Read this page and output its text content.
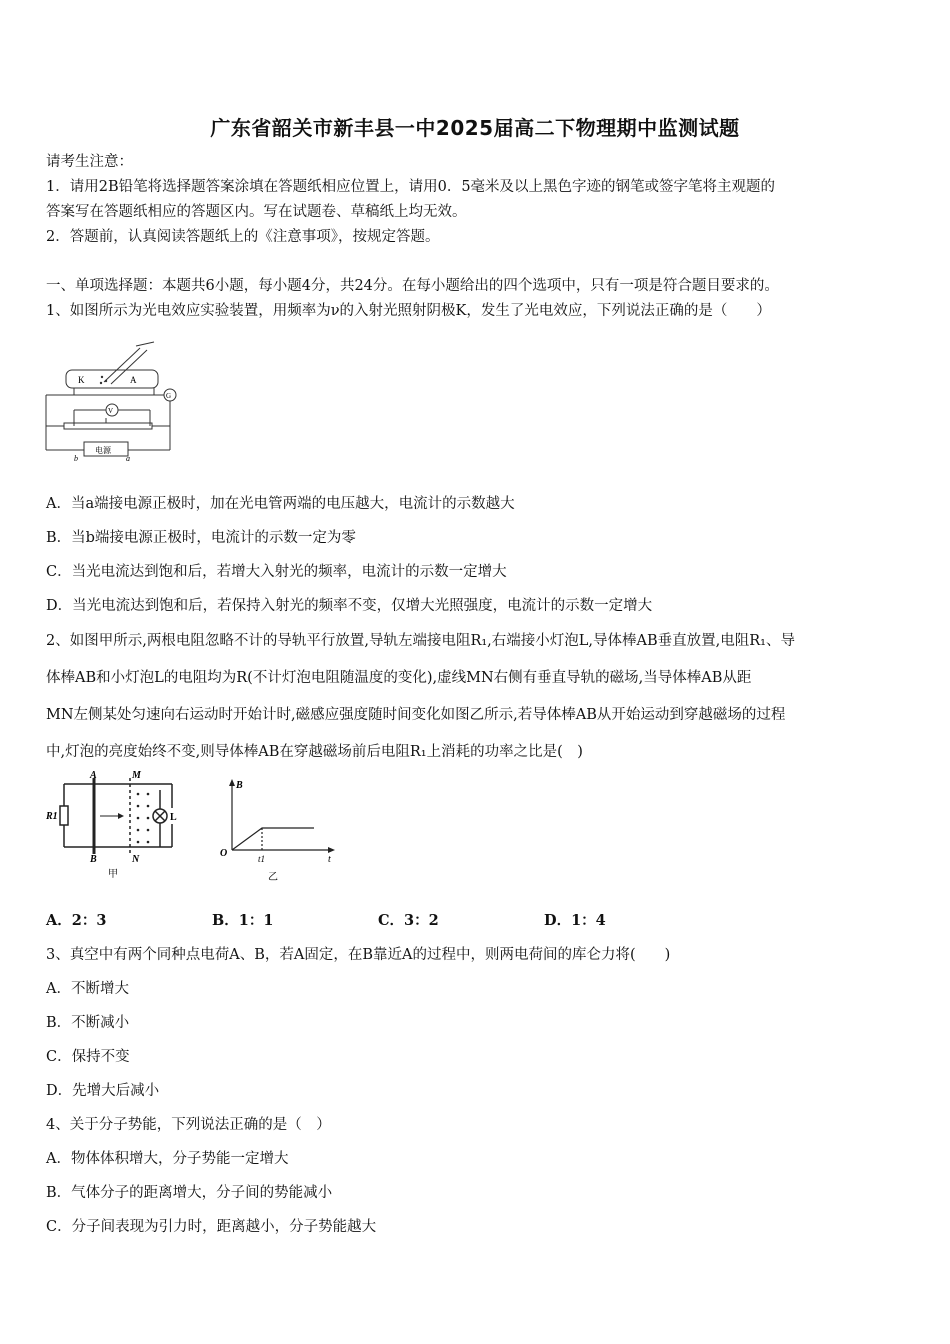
广东省韶关市新丰县一中2025届高二下物理期中监测试题
请考生注意：
1．请用2B铅笔将选择题答案涂填在答题纸相应位置上，请用0．5毫米及以上黑色字迹的钢笔或签字笔将主观题的
答案写在答题纸相应的答题区内。写在试题卷、草稿纸上均无效。
2．答题前，认真阅读答题纸上的《注意事项》，按规定答题。
一、单项选择题：本题共6小题，每小题4分，共24分。在每小题给出的四个选项中，只有一项是符合题目要求的。
1、如图所示为光电效应实验装置，用频率为ν的入射光照射阴极K，发生了光电效应，下列说法正确的是（　　）
K	A
G
V
电源
b	a
A．当a端接电源正极时，加在光电管两端的电压越大，电流计的示数越大
B．当b端接电源正极时，电流计的示数一定为零
C．当光电流达到饱和后，若增大入射光的频率，电流计的示数一定增大
D．当光电流达到饱和后，若保持入射光的频率不变，仅增大光照强度，电流计的示数一定增大
2、如图甲所示,两根电阻忽略不计的导轨平行放置,导轨左端接电阻R₁,右端接小灯泡L,导体棒AB垂直放置,电阻R₁、导
体棒AB和小灯泡L的电阻均为R(不计灯泡电阻随温度的变化),虚线MN右侧有垂直导轨的磁场,当导体棒AB从距
MN左侧某处匀速向右运动时开始计时,磁感应强度随时间变化如图乙所示,若导体棒AB从开始运动到穿越磁场的过程
中,灯泡的亮度始终不变,则导体棒AB在穿越磁场前后电阻R₁上消耗的功率之比是(　)
A	M
R1	L
B	N
甲
B
O	t1	t
乙
A．2：3	B．1：1	C．3：2	D．1：4
3、真空中有两个同种点电荷A、B，若A固定，在B靠近A的过程中，则两电荷间的库仑力将(　　)
A．不断增大
B．不断减小
C．保持不变
D．先增大后减小
4、关于分子势能，下列说法正确的是（　）
A．物体体积增大，分子势能一定增大
B．气体分子的距离增大，分子间的势能减小
C．分子间表现为引力时，距离越小，分子势能越大
